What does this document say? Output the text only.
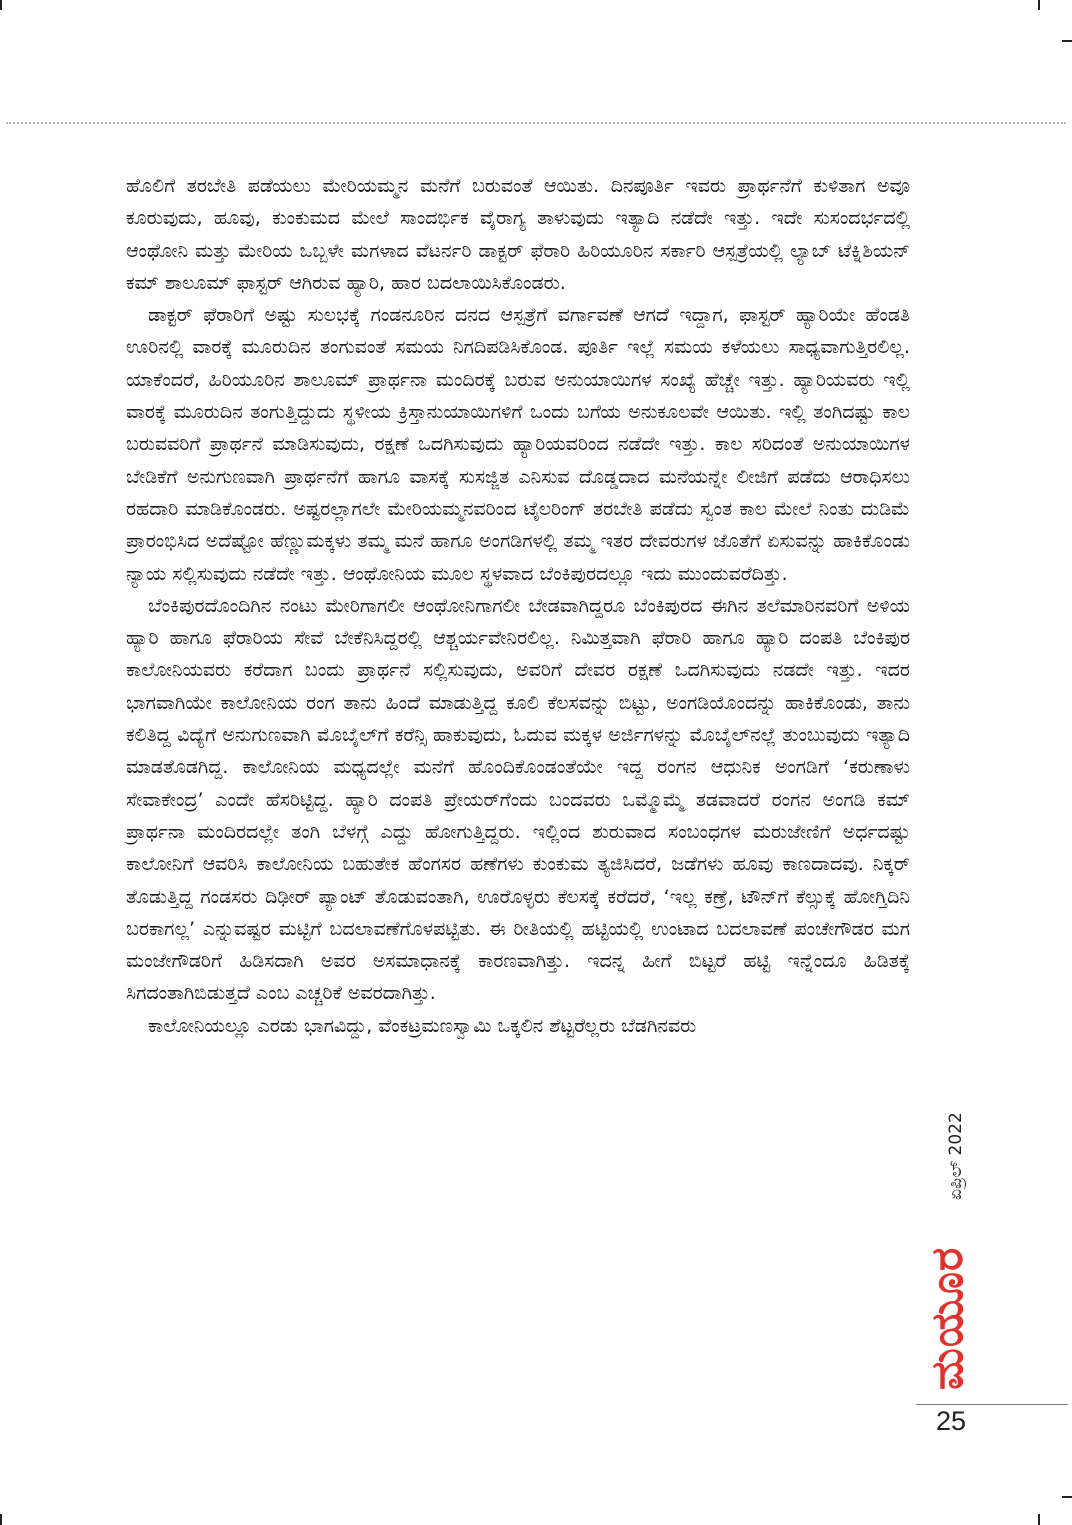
ಹೊಲಿಗೆ ತರಬೇತಿ ಪಡೆಯಲು ಮೇರಿಯಮ್ಮನ ಮನೆಗೆ ಬರುವಂತೆ ಆಯಿತು. ದಿನಪೂರ್ತಿ ಇವರು ಪ್ರಾರ್ಥನೆಗೆ ಕುಳಿತಾಗ ಅವೂ ಕೂರುವುದು, ಹೂವು, ಕುಂಕುಮದ ಮೇಲೆ ಸಾಂದರ್ಭಿಕ ವೈರಾಗ್ಯ ತಾಳುವುದು ಇತ್ಯಾದಿ ನಡೆದೇ ಇತ್ತು. ಇದೇ ಸುಸಂದರ್ಭದಲ್ಲಿ ಆಂಥೋನಿ ಮತ್ತು ಮೇರಿಯ ಒಬ್ಬಳೇ ಮಗಳಾದ ವೆಟರ್ನರಿ ಡಾಕ್ಟರ್ ಫೆರಾರಿ ಹಿರಿಯೂರಿನ ಸರ್ಕಾರಿ ಆಸ್ಪತ್ರೆಯಲ್ಲಿ ಲ್ಯಾಬ್ ಟೆಕ್ನಿಶಿಯನ್ ಕಮ್ ಶಾಲೂಮ್ ಫಾಸ್ಟರ್ ಆಗಿರುವ ಹ್ಯಾರಿ, ಹಾರ ಬದಲಾಯಿಸಿಕೊಂಡರು.

ಡಾಕ್ಟರ್ ಫೆರಾರಿಗೆ ಅಷ್ಟು ಸುಲಭಕ್ಕೆ ಗಂಡನೂರಿನ ದನದ ಆಸ್ಪತ್ರೆಗೆ ವರ್ಗಾವಣೆ ಆಗದೆ ಇದ್ದಾಗ, ಫಾಸ್ಟರ್ ಹ್ಯಾರಿಯೇ ಹೆಂಡತಿ ಊರಿನಲ್ಲಿ ವಾರಕ್ಕೆ ಮೂರುದಿನ ತಂಗುವಂತೆ ಸಮಯ ನಿಗದಿಪಡಿಸಿಕೊಂಡ. ಪೂರ್ತಿ ಇಲ್ಲೆ ಸಮಯ ಕಳೆಯಲು ಸಾಧ್ಯವಾಗುತ್ತಿರಲಿಲ್ಲ. ಯಾಕೆಂದರೆ, ಹಿರಿಯೂರಿನ ಶಾಲೂಮ್ ಪ್ರಾರ್ಥನಾ ಮಂದಿರಕ್ಕೆ ಬರುವ ಅನುಯಾಯಿಗಳ ಸಂಖ್ಯೆ ಹೆಚ್ಚೇ ಇತ್ತು. ಹ್ಯಾರಿಯವರು ಇಲ್ಲಿ ವಾರಕ್ಕೆ ಮೂರುದಿನ ತಂಗುತ್ತಿದ್ದುದು ಸ್ಥಳೀಯ ಕ್ರಿಸ್ತಾನುಯಾಯಿಗಳಿಗೆ ಒಂದು ಬಗೆಯ ಅನುಕೂಲವೇ ಆಯಿತು. ಇಲ್ಲಿ ತಂಗಿದಷ್ಟು ಕಾಲ ಬರುವವರಿಗೆ ಪ್ರಾರ್ಥನೆ ಮಾಡಿಸುವುದು, ರಕ್ಷಣೆ ಒದಗಿಸುವುದು ಹ್ಯಾರಿಯವರಿಂದ ನಡೆದೇ ಇತ್ತು. ಕಾಲ ಸರಿದಂತೆ ಅನುಯಾಯಿಗಳ ಬೇಡಿಕೆಗೆ ಅನುಗುಣವಾಗಿ ಪ್ರಾರ್ಥನೆಗೆ ಹಾಗೂ ವಾಸಕ್ಕೆ ಸುಸಜ್ಜಿತ ಎನಿಸುವ ದೊಡ್ಡದಾದ ಮನೆಯನ್ನೇ ಲೀಜಿಗೆ ಪಡೆದು ಆರಾಧಿಸಲು ರಹದಾರಿ ಮಾಡಿಕೊಂಡರು. ಅಷ್ಟರಲ್ಲಾಗಲೇ ಮೇರಿಯಮ್ಮನವರಿಂದ ಟೈಲರಿಂಗ್ ತರಬೇತಿ ಪಡೆದು ಸ್ವಂತ ಕಾಲ ಮೇಲೆ ನಿಂತು ದುಡಿಮೆ ಪ್ರಾರಂಭಿಸಿದ ಅದೆಷ್ಟೋ ಹೆಣ್ಣುಮಕ್ಕಳು ತಮ್ಮ ಮನೆ ಹಾಗೂ ಅಂಗಡಿಗಳಲ್ಲಿ ತಮ್ಮ ಇತರ ದೇವರುಗಳ ಜೊತೆಗೆ ಏಸುವನ್ನು ಹಾಕಿಕೊಂಡು ನ್ಯಾಯ ಸಲ್ಲಿಸುವುದು ನಡೆದೇ ಇತ್ತು. ಆಂಥೋನಿಯ ಮೂಲ ಸ್ಥಳವಾದ ಬೆಂಕಿಪುರದಲ್ಲೂ ಇದು ಮುಂದುವರೆದಿತ್ತು.

ಬೆಂಕಿಪುರದೊಂದಿಗಿನ ನಂಟು ಮೇರಿಗಾಗಲೀ ಆಂಥೋನಿಗಾಗಲೀ ಬೇಡವಾಗಿದ್ದರೂ ಬೆಂಕಿಪುರದ ಈಗಿನ ತಲೆಮಾರಿನವರಿಗೆ ಅಳಿಯ ಹ್ಯಾರಿ ಹಾಗೂ ಫೆರಾರಿಯ ಸೇವೆ ಬೇಕೆನಿಸಿದ್ದರಲ್ಲಿ ಆಶ್ಚರ್ಯವೇನಿರಲಿಲ್ಲ. ನಿಮಿತ್ತವಾಗಿ ಫೆರಾರಿ ಹಾಗೂ ಹ್ಯಾರಿ ದಂಪತಿ ಬೆಂಕಿಪುರ ಕಾಲೋನಿಯವರು ಕರೆದಾಗ ಬಂದು ಪ್ರಾರ್ಥನೆ ಸಲ್ಲಿಸುವುದು, ಅವರಿಗೆ ದೇವರ ರಕ್ಷಣೆ ಒದಗಿಸುವುದು ನಡದೇ ಇತ್ತು. ಇದರ ಭಾಗವಾಗಿಯೇ ಕಾಲೋನಿಯ ರಂಗ ತಾನು ಹಿಂದೆ ಮಾಡುತ್ತಿದ್ದ ಕೂಲಿ ಕೆಲಸವನ್ನು ಬಿಟ್ಟು, ಅಂಗಡಿಯೊಂದನ್ನು ಹಾಕಿಕೊಂಡು, ತಾನು ಕಲಿತಿದ್ದ ವಿದ್ಯೆಗೆ ಅನುಗುಣವಾಗಿ ಮೊಬೈಲ್‌ಗೆ ಕರೆನ್ಸಿ ಹಾಕುವುದು, ಓದುವ ಮಕ್ಕಳ ಅರ್ಜಿಗಳನ್ನು ಮೊಬೈಲ್‌ನಲ್ಲೆ ತುಂಬುವುದು ಇತ್ಯಾದಿ ಮಾಡತೊಡಗಿದ್ದ. ಕಾಲೋನಿಯ ಮಧ್ಯದಲ್ಲೇ ಮನೆಗೆ ಹೊಂದಿಕೊಂಡಂತೆಯೇ ಇದ್ದ ರಂಗನ ಆಧುನಿಕ ಅಂಗಡಿಗೆ ‘ಕರುಣಾಳು ಸೇವಾಕೇಂದ್ರ’ ಎಂದೇ ಹೆಸರಿಟ್ಟಿದ್ದ. ಹ್ಯಾರಿ ದಂಪತಿ ಪ್ರೇಯರ್‌ಗೆಂದು ಬಂದವರು ಒಮ್ಮೊಮ್ಮೆ ತಡವಾದರೆ ರಂಗನ ಅಂಗಡಿ ಕಮ್ ಪ್ರಾರ್ಥನಾ ಮಂದಿರದಲ್ಲೇ ತಂಗಿ ಬೆಳಗ್ಗೆ ಎದ್ದು ಹೋಗುತ್ತಿದ್ದರು. ಇಲ್ಲಿಂದ ಶುರುವಾದ ಸಂಬಂಧಗಳ ಮರುಜೇಣಿಗೆ ಅರ್ಧದಷ್ಟು ಕಾಲೋನಿಗೆ ಆವರಿಸಿ ಕಾಲೋನಿಯ ಬಹುತೇಕ ಹೆಂಗಸರ ಹಣೆಗಳು ಕುಂಕುಮ ತ್ಯಜಿಸಿದರೆ, ಜಡೆಗಳು ಹೂವು ಕಾಣದಾದವು. ನಿಕ್ಕರ್ ತೊಡುತ್ತಿದ್ದ ಗಂಡಸರು ದಿಢೀರ್ ಪ್ಯಾಂಟ್ ತೊಡುವಂತಾಗಿ, ಊರೊಳ್ಳರು ಕೆಲಸಕ್ಕೆ ಕರೆದರೆ, ‘ಇಲ್ಲ ಕಣ್ರೆ, ಟೌನ್‌ಗೆ ಕೆಲ್ಸುಕ್ಕೆ ಹೋಗ್ತಿದಿನಿ ಬರಕಾಗಲ್ಲ’ ಎನ್ನುವಷ್ಟರ ಮಟ್ಟಿಗೆ ಬದಲಾವಣೆಗೊಳಪಟ್ಟಿತು. ಈ ರೀತಿಯಲ್ಲಿ ಹಟ್ಟಿಯಲ್ಲಿ ಉಂಟಾದ ಬದಲಾವಣೆ ಪಂಚೇಗೌಡರ ಮಗ ಮಂಜೇಗೌಡರಿಗೆ ಹಿಡಿಸದಾಗಿ ಅವರ ಅಸಮಾಧಾನಕ್ಕೆ ಕಾರಣವಾಗಿತ್ತು. ಇದನ್ನ ಹೀಗೆ ಬಿಟ್ಟರೆ ಹಟ್ಟಿ ಇನ್ನೆಂದೂ ಹಿಡಿತಕ್ಕೆ ಸಿಗದಂತಾಗಿಬಿಡುತ್ತದೆ ಎಂಬ ಎಚ್ಚರಿಕೆ ಅವರದಾಗಿತ್ತು.

ಕಾಲೋನಿಯಲ್ಲೂ ಎರಡು ಭಾಗವಿದ್ದು, ವೆಂಕಟ್ರಮಣಸ್ವಾಮಿ ಒಕ್ಕಲಿನ ಶೆಟ್ಟರೆಲ್ಲರು ಬೆಡಗಿನವರು

ಏಪ್ರಿಲ್ 2022
ಮಯೂರ
25
